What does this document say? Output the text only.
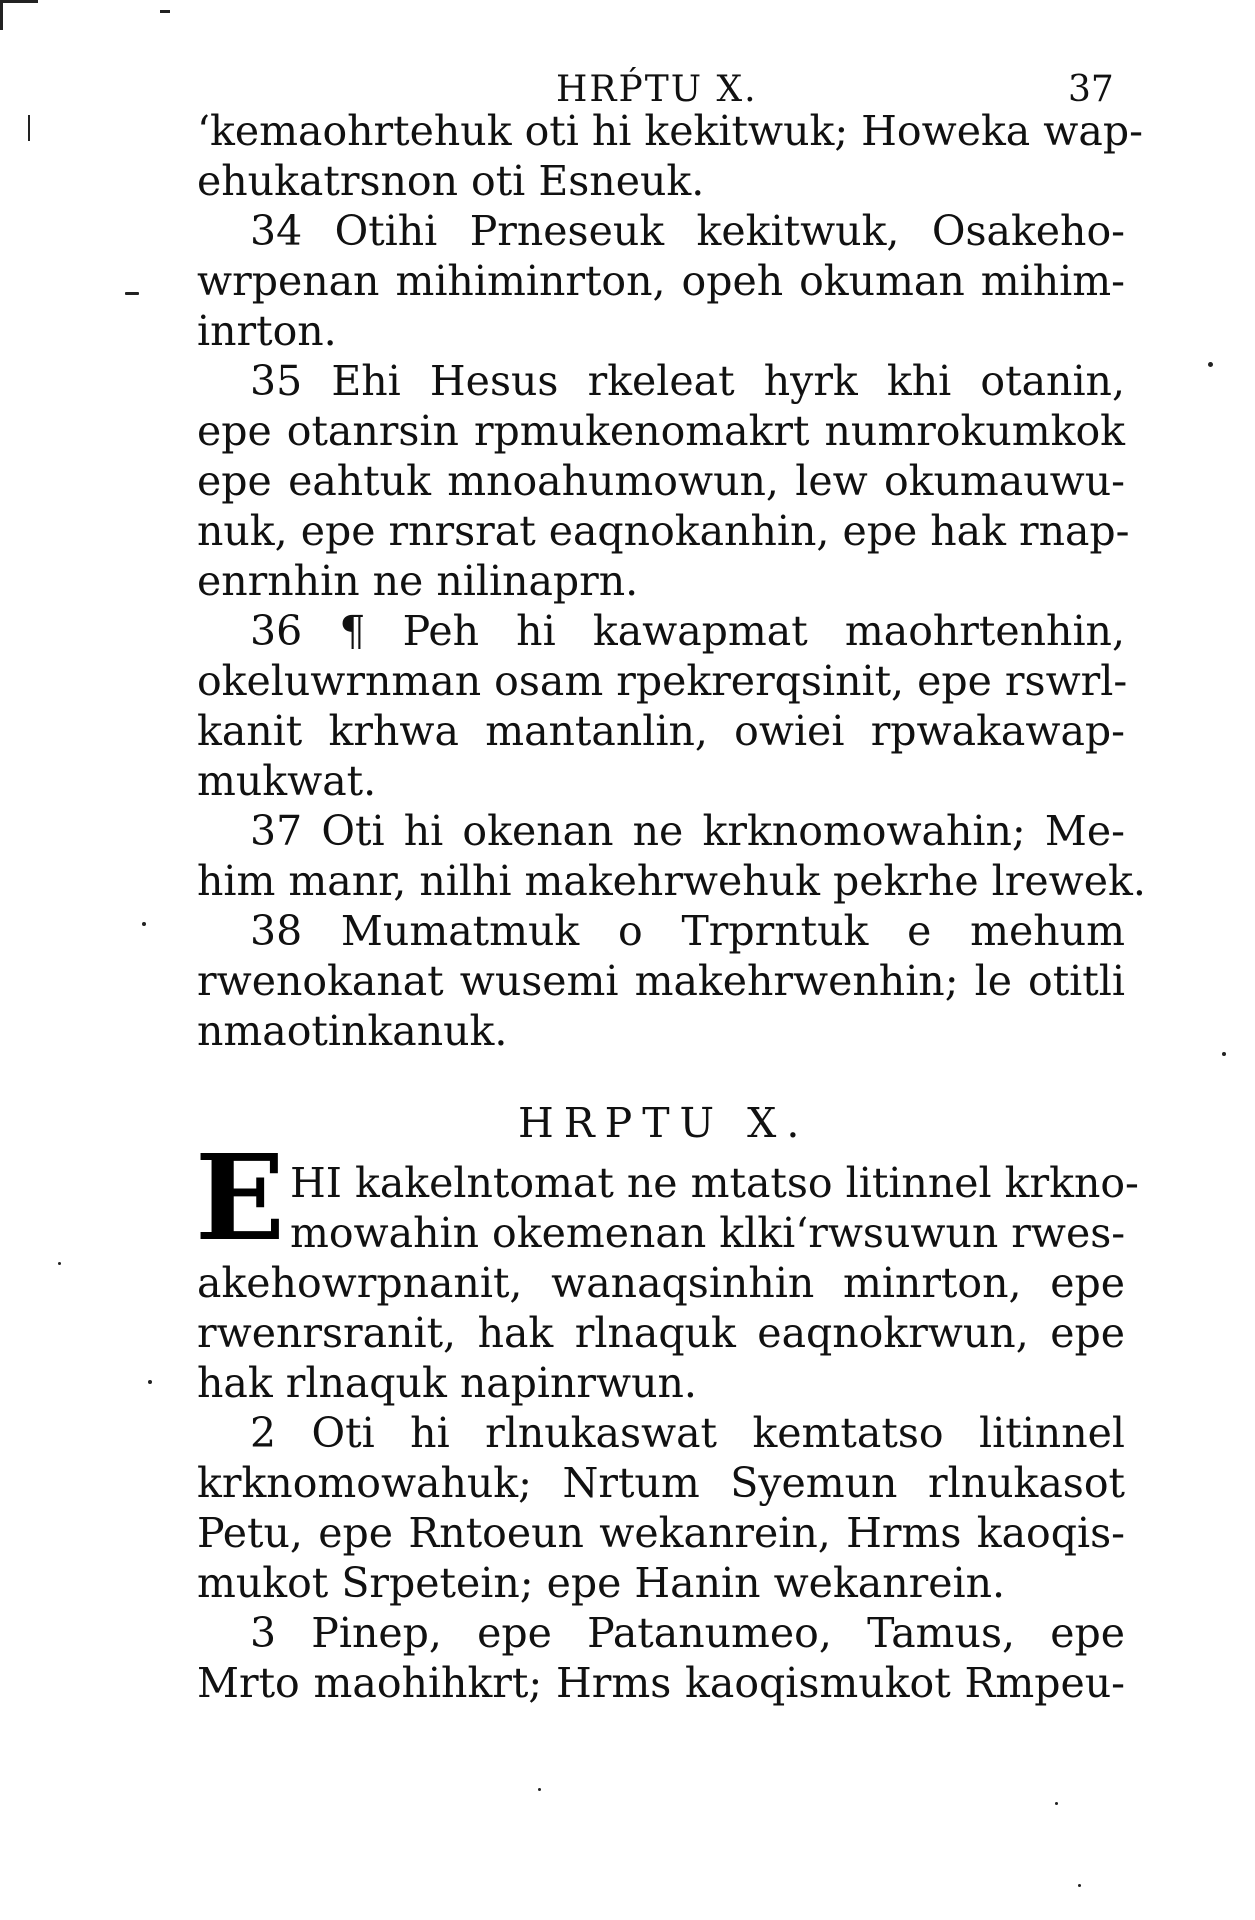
HRṔTU X.	37
‘kemaohrtehuk oti hi kekitwuk; Howeka wap-
ehukatrsnon oti Esneuk.
34 Otihi Prneseuk kekitwuk, Osakeho-
wrpenan mihiminrton, opeh okuman mihim-
inrton.
35 Ehi Hesus rkeleat hyrk khi otanin,
epe otanrsin rpmukenomakrt numrokumkok
epe eahtuk mnoahumowun, lew okumauwu-
nuk, epe rnrsrat eaqnokanhin, epe hak rnap-
enrnhin ne nilinaprn.
36 ¶ Peh hi kawapmat maohrtenhin,
okeluwrnman osam rpekrerqsinit, epe rswrl-
kanit krhwa mantanlin, owiei rpwakawap-
mukwat.
37 Oti hi okenan ne krknomowahin; Me-
him manr, nilhi makehrwehuk pekrhe lrewek.
38 Mumatmuk o Trprntuk e mehum
rwenokanat wusemi makehrwenhin; le otitli
nmaotinkanuk.
HRPTU X.
E HI kakelntomat ne mtatso litinnel krkno-
mowahin okemenan klki‘rwsuwun rwes-
akehowrpnanit, wanaqsinhin minrton, epe
rwenrsranit, hak rlnaquk eaqnokrwun, epe
hak rlnaquk napinrwun.
2 Oti hi rlnukaswat kemtatso litinnel
krknomowahuk; Nrtum Syemun rlnukasot
Petu, epe Rntoeun wekanrein, Hrms kaoqis-
mukot Srpetein; epe Hanin wekanrein.
3 Pinep, epe Patanumeo, Tamus, epe
Mrto maohihkrt; Hrms kaoqismukot Rmpeu-
